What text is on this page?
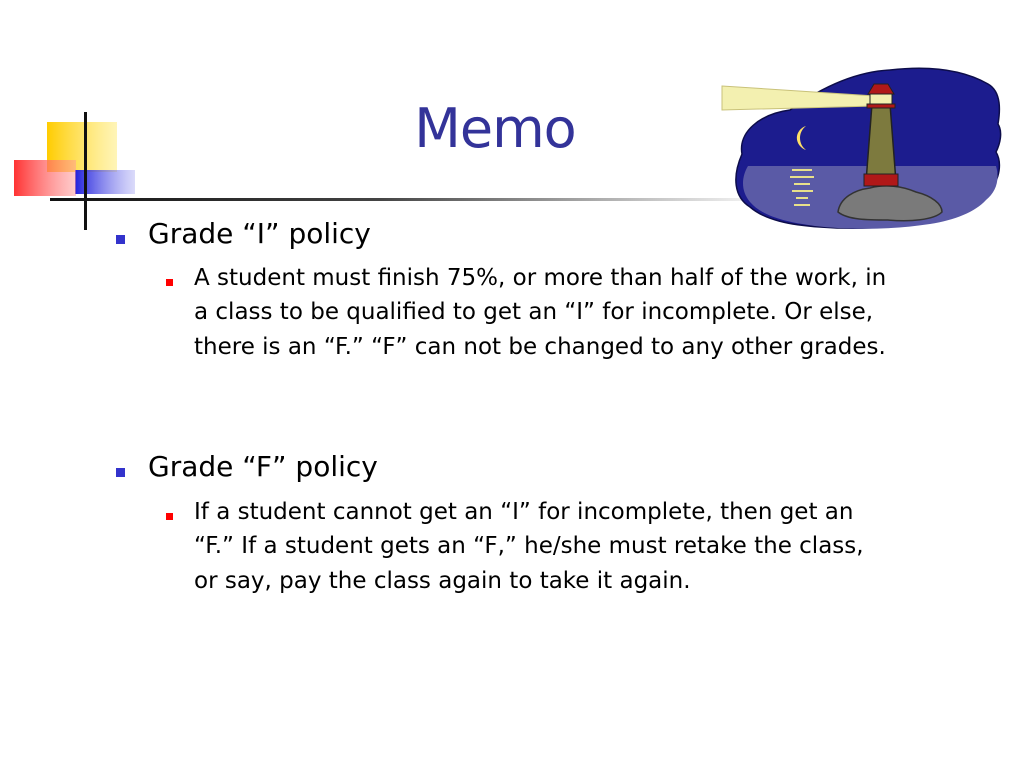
Memo
Grade “I” policy
A student must finish 75%, or more than half of the work, in a class to be qualified to get an “I” for incomplete. Or else, there is an “F.” “F” can not be changed to any other grades.
Grade “F” policy
If a student cannot get an “I” for incomplete, then get an “F.” If a student gets an “F,” he/she must retake the class, or say, pay the class again to take it again.
